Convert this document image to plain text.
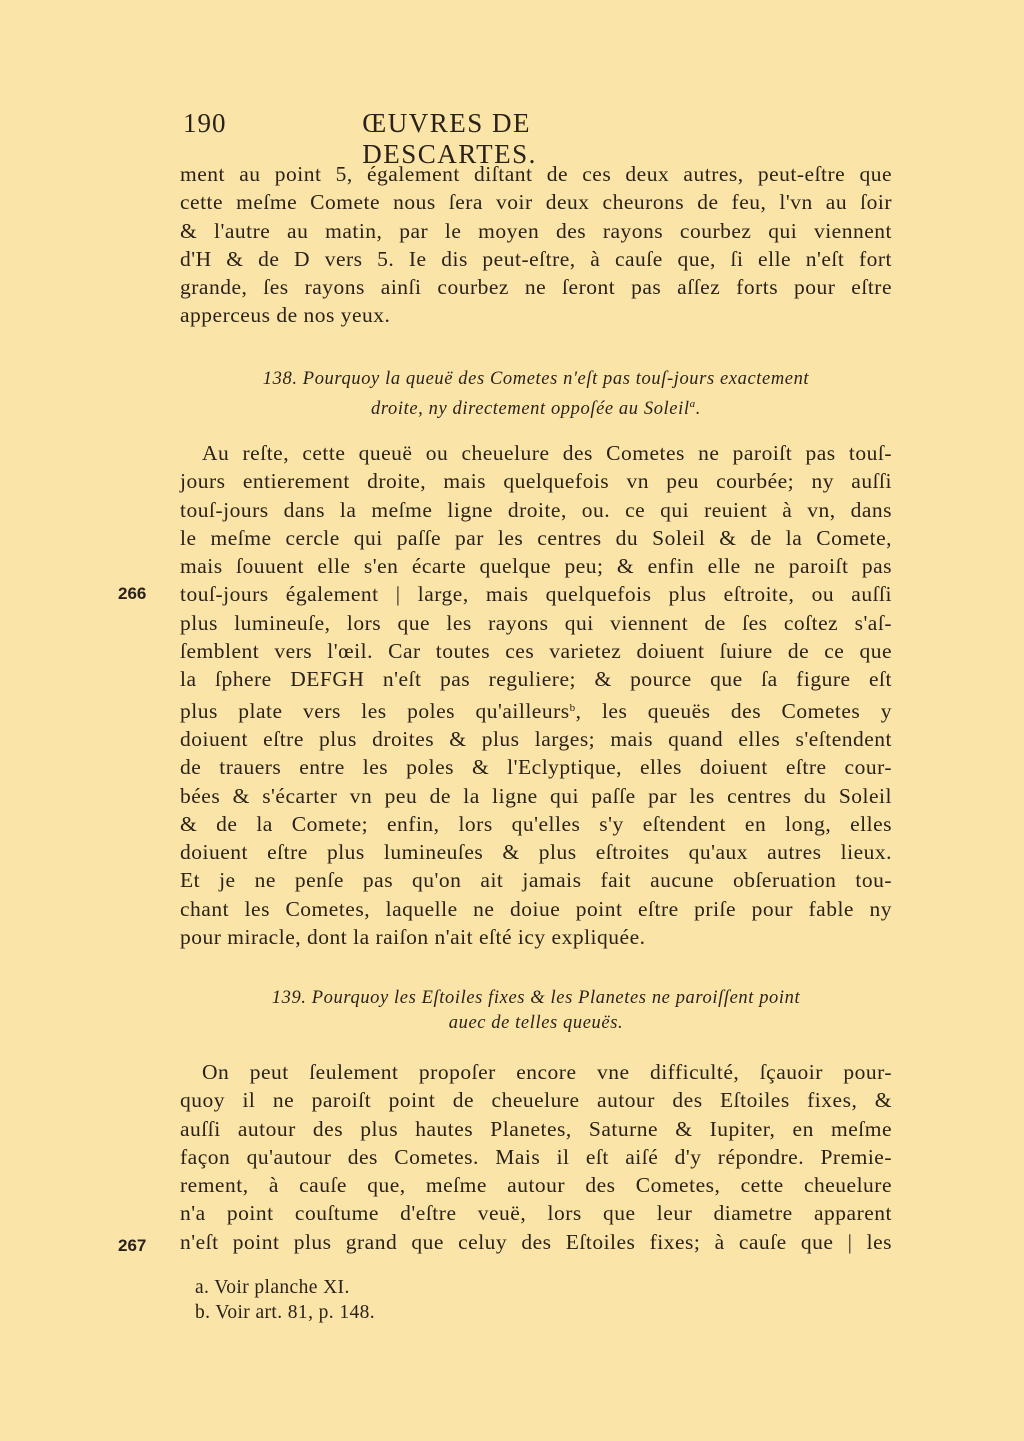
190	ŒUVRES DE DESCARTES.
ment au point 5, également diſtant de ces deux autres, peut-eſtre que
cette meſme Comete nous ſera voir deux cheurons de feu, l'vn au ſoir
& l'autre au matin, par le moyen des rayons courbez qui viennent
d'H & de D vers 5. Ie dis peut-eſtre, à cauſe que, ſi elle n'eſt fort
grande, ſes rayons ainſi courbez ne ſeront pas aſſez forts pour eſtre
apperceus de nos yeux.
138. Pourquoy la queuë des Cometes n'eſt pas touſ-jours exactement
droite, ny directement oppoſée au Soleil$^a$.
Au reſte, cette queuë ou cheuelure des Cometes ne paroiſt pas touſ-
jours entierement droite, mais quelquefois vn peu courbée; ny auſſi
touſ-jours dans la meſme ligne droite, ou. ce qui reuient à vn, dans
le meſme cercle qui paſſe par les centres du Soleil & de la Comete,
mais ſouuent elle s'en écarte quelque peu; & enfin elle ne paroiſt pas
touſ-jours également | large, mais quelquefois plus eſtroite, ou auſſi
plus lumineuſe, lors que les rayons qui viennent de ſes coſtez s'aſ-
ſemblent vers l'œil. Car toutes ces varietez doiuent ſuiure de ce que
la ſphere DEFGH n'eſt pas reguliere; & pource que ſa figure eſt
plus plate vers les poles qu'ailleurs$^b$, les queuës des Cometes y
doiuent eſtre plus droites & plus larges; mais quand elles s'eſtendent
de trauers entre les poles & l'Eclyptique, elles doiuent eſtre cour-
bées & s'écarter vn peu de la ligne qui paſſe par les centres du Soleil
& de la Comete; enfin, lors qu'elles s'y eſtendent en long, elles
doiuent eſtre plus lumineuſes & plus eſtroites qu'aux autres lieux.
Et je ne penſe pas qu'on ait jamais fait aucune obſeruation tou-
chant les Cometes, laquelle ne doiue point eſtre priſe pour fable ny
pour miracle, dont la raiſon n'ait eſté icy expliquée.
139. Pourquoy les Eſtoiles fixes & les Planetes ne paroiſſent point
auec de telles queuës.
On peut ſeulement propoſer encore vne difficulté, ſçauoir pour-
quoy il ne paroiſt point de cheuelure autour des Eſtoiles fixes, &
auſſi autour des plus hautes Planetes, Saturne & Iupiter, en meſme
façon qu'autour des Cometes. Mais il eſt aiſé d'y répondre. Premie-
rement, à cauſe que, meſme autour des Cometes, cette cheuelure
n'a point couſtume d'eſtre veuë, lors que leur diametre apparent
n'eſt point plus grand que celuy des Eſtoiles fixes; à cauſe que | les
266
267
a. Voir planche XI.
b. Voir art. 81, p. 148.
